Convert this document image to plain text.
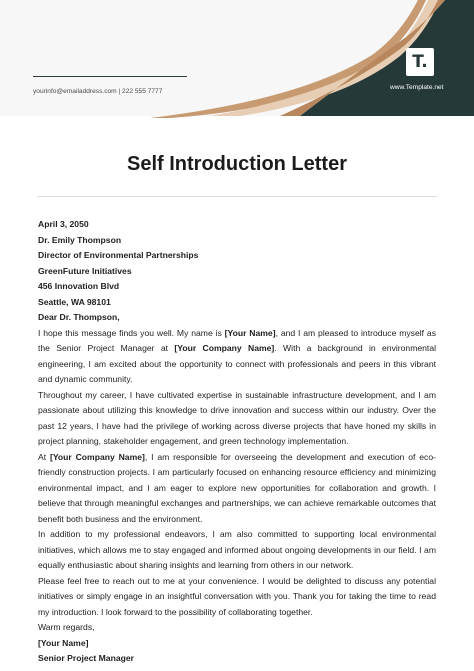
yourinfo@emailaddress.com | 222 555 7777
T.
www.Template.net
Self Introduction Letter

April 3, 2050

Dr. Emily Thompson

Director of Environmental Partnerships

GreenFuture Initiatives

456 Innovation Blvd

Seattle, WA 98101

Dear Dr. Thompson,

I hope this message finds you well. My name is [Your Name], and I am pleased to introduce myself as the Senior Project Manager at [Your Company Name]. With a background in environmental engineering, I am excited about the opportunity to connect with professionals and peers in this vibrant and dynamic community.

Throughout my career, I have cultivated expertise in sustainable infrastructure development, and I am passionate about utilizing this knowledge to drive innovation and success within our industry. Over the past 12 years, I have had the privilege of working across diverse projects that have honed my skills in project planning, stakeholder engagement, and green technology implementation.

At [Your Company Name], I am responsible for overseeing the development and execution of eco-friendly construction projects. I am particularly focused on enhancing resource efficiency and minimizing environmental impact, and I am eager to explore new opportunities for collaboration and growth. I believe that through meaningful exchanges and partnerships, we can achieve remarkable outcomes that benefit both business and the environment.

In addition to my professional endeavors, I am also committed to supporting local environmental initiatives, which allows me to stay engaged and informed about ongoing developments in our field. I am equally enthusiastic about sharing insights and learning from others in our network.

Please feel free to reach out to me at your convenience. I would be delighted to discuss any potential initiatives or simply engage in an insightful conversation with you. Thank you for taking the time to read my introduction. I look forward to the possibility of collaborating together.

Warm regards,

[Your Name]

Senior Project Manager
